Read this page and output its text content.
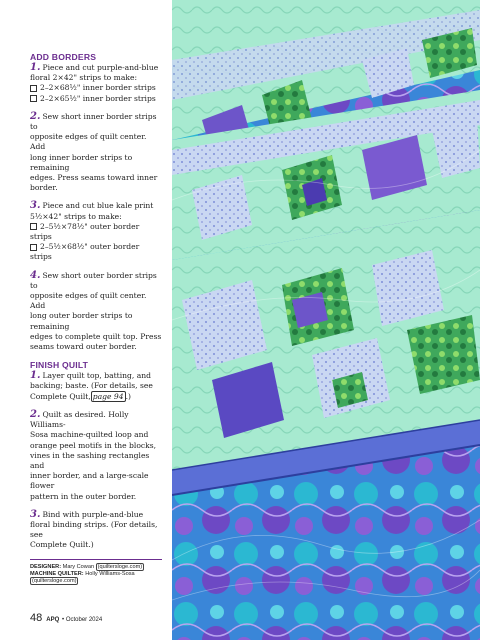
ADD BORDERS
1. Piece and cut purple-and-blue
floral 2×42" strips to make:
2–2×68¹⁄₂" inner border strips
2–2×65¹⁄₂" inner border strips
2. Sew short inner border strips to
opposite edges of quilt center. Add
long inner border strips to remaining
edges. Press seams toward inner
border.
3. Piece and cut blue kale print
5¹⁄₂×42" strips to make:
2–5¹⁄₂×78¹⁄₂" outer border strips
2–5¹⁄₂×68¹⁄₂" outer border strips
4. Sew short outer border strips to
opposite edges of quilt center. Add
long outer border strips to remaining
edges to complete quilt top. Press
seams toward outer border.
FINISH QUILT
1. Layer quilt top, batting, and
backing; baste. (For details, see
Complete Quilt, page 94 .)
2. Quilt as desired. Holly Williams-
Sosa machine-quilted loop and
orange peel motifs in the blocks,
vines in the sashing rectangles and
inner border, and a large-scale flower
pattern in the outer border.
3. Bind with purple-and-blue
floral binding strips. (For details, see
Complete Quilt.)
DESIGNER: Mary Cowan (quiltersloge.com)
MACHINE QUILTER: Holly Williams-Sosa
(quiltersloge.com)
48 APQ • October 2024
